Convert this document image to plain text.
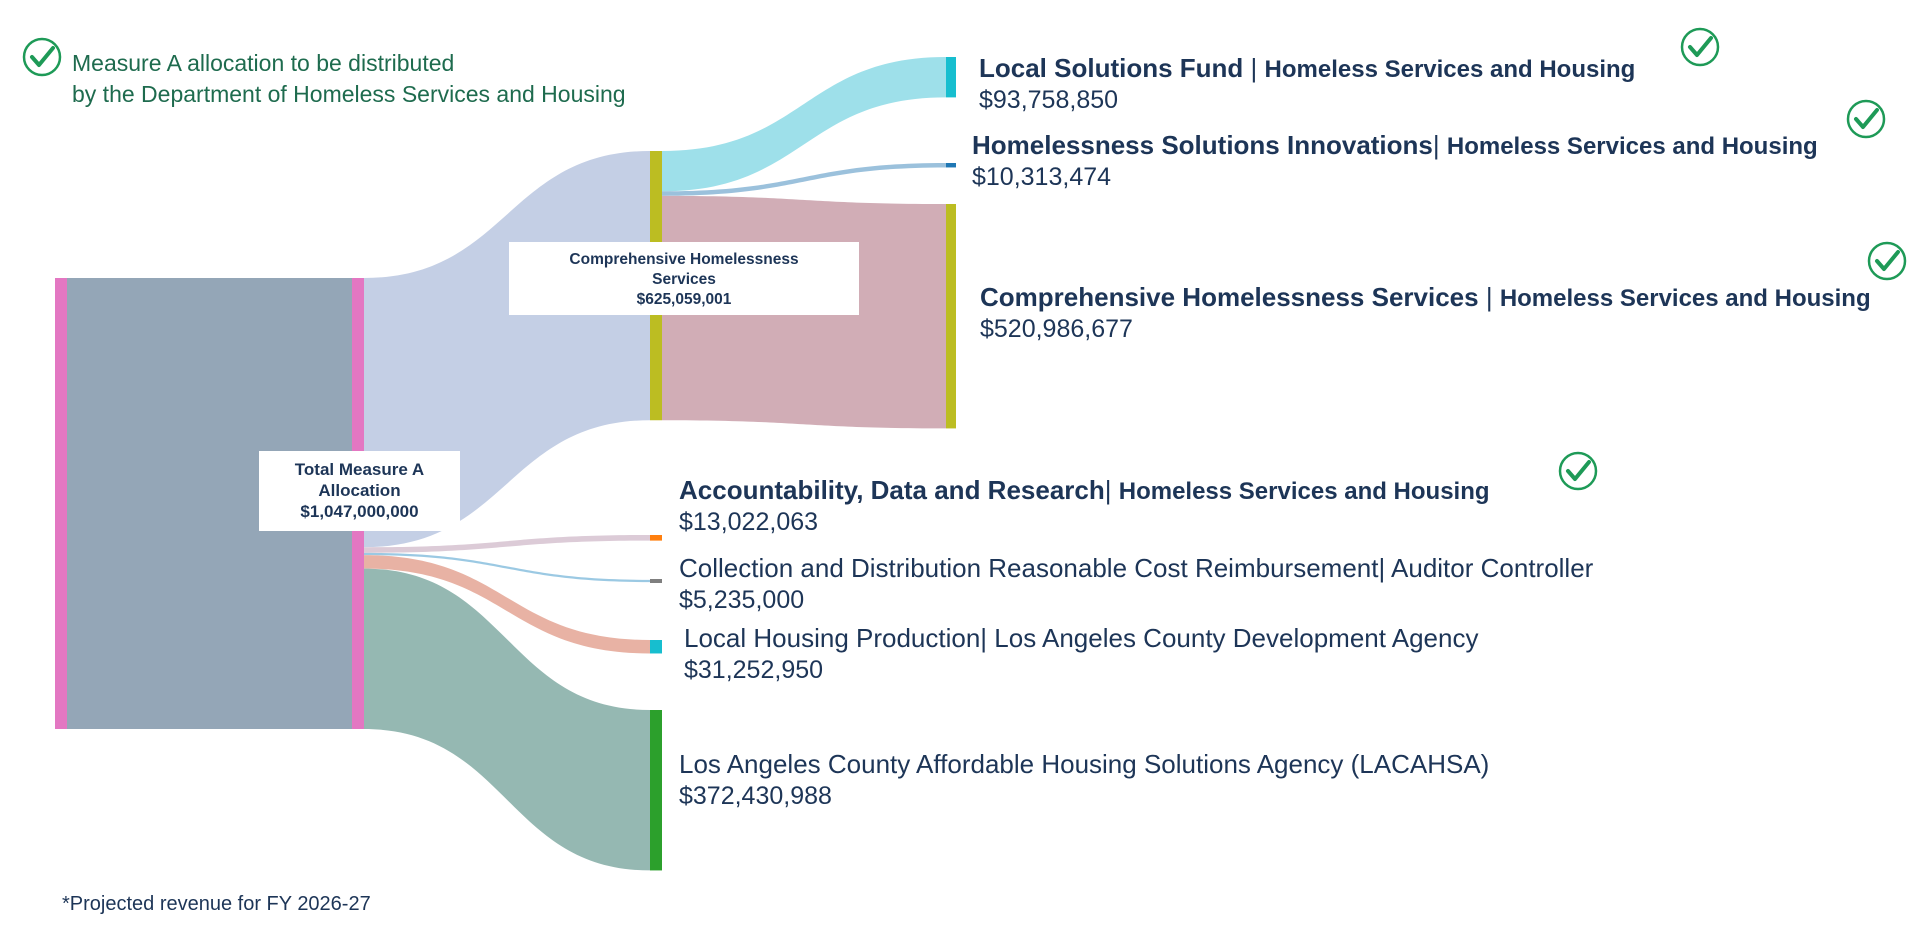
Measure A allocation to be distributed
by the Department of Homeless Services and Housing
Total Measure A
Allocation
$1,047,000,000
Comprehensive Homelessness
Services
$625,059,001
Local Solutions Fund | Homeless Services and Housing
$93,758,850
Homelessness Solutions Innovations| Homeless Services and Housing
$10,313,474
Comprehensive Homelessness Services | Homeless Services and Housing
$520,986,677
Accountability, Data and Research| Homeless Services and Housing
$13,022,063
Collection and Distribution Reasonable Cost Reimbursement| Auditor Controller
$5,235,000
Local Housing Production| Los Angeles County Development Agency
$31,252,950
Los Angeles County Affordable Housing Solutions Agency (LACAHSA)
$372,430,988
*Projected revenue for FY 2026-27
